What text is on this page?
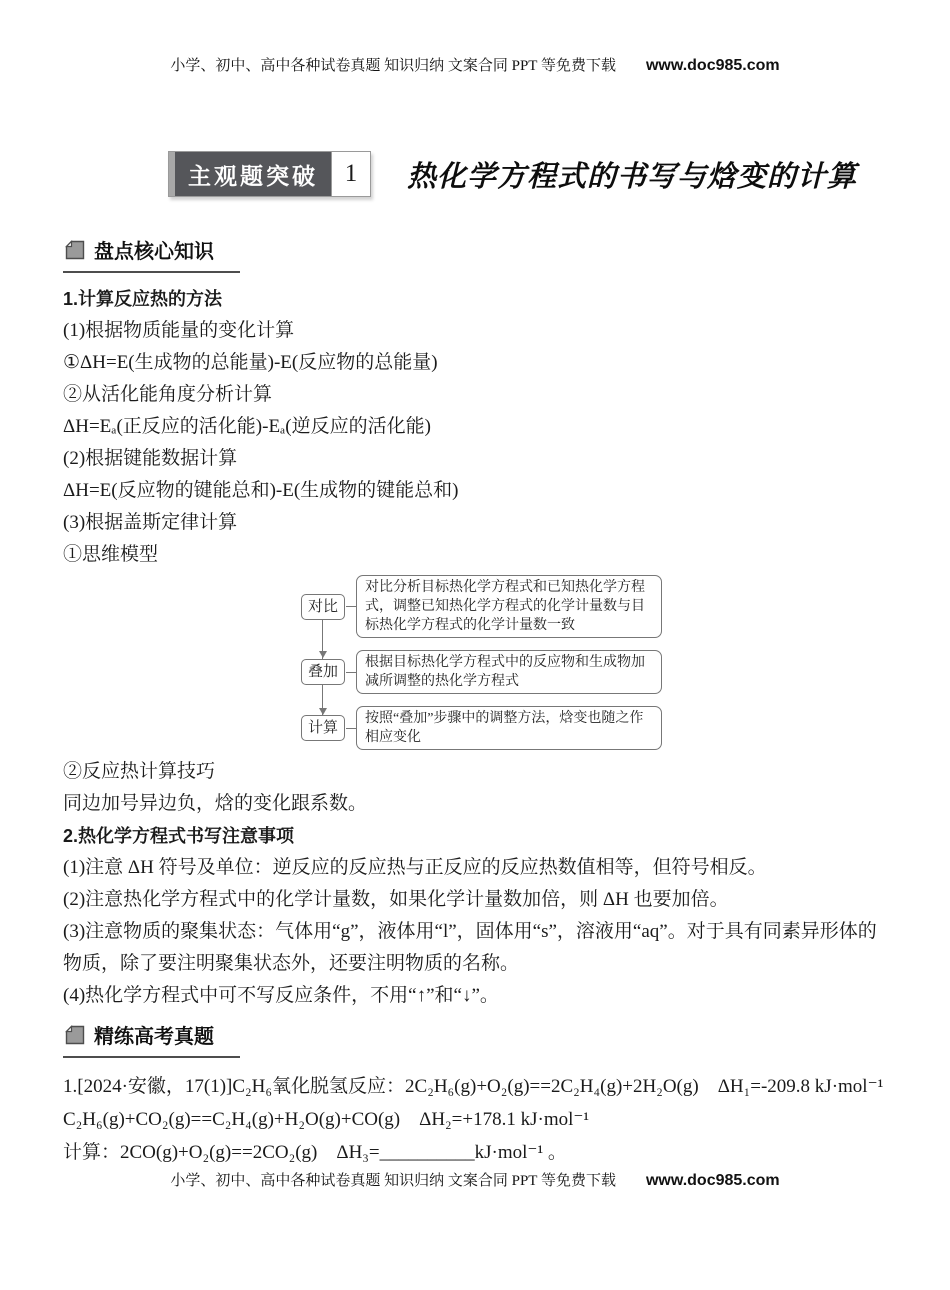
小学、初中、高中各种试卷真题 知识归纳 文案合同 PPT 等免费下载 www.doc985.com
主观题突破	1	热化学方程式的书写与焓变的计算
盘点核心知识

1.计算反应热的方法

(1)根据物质能量的变化计算

①ΔH=E(生成物的总能量)-E(反应物的总能量)

②从活化能角度分析计算

ΔH=Eₐ(正反应的活化能)-Eₐ(逆反应的活化能)

(2)根据键能数据计算

ΔH=E(反应物的键能总和)-E(生成物的键能总和)

(3)根据盖斯定律计算

①思维模型

对比
对比分析目标热化学方程式和已知热化学方程式，调整已知热化学方程式的化学计量数与目标热化学方程式的化学计量数一致
叠加
根据目标热化学方程式中的反应物和生成物加减所调整的热化学方程式
计算
按照“叠加”步骤中的调整方法，焓变也随之作相应变化

②反应热计算技巧

同边加号异边负，焓的变化跟系数。

2.热化学方程式书写注意事项

(1)注意 ΔH 符号及单位：逆反应的反应热与正反应的反应热数值相等，但符号相反。

(2)注意热化学方程式中的化学计量数，如果化学计量数加倍，则 ΔH 也要加倍。

(3)注意物质的聚集状态：气体用“g”，液体用“l”，固体用“s”，溶液用“aq”。对于具有同素异形体的物质，除了要注明聚集状态外，还要注明物质的名称。

(4)热化学方程式中可不写反应条件，不用“↑”和“↓”。

精练高考真题

1.[2024·安徽，17(1)]C₂H₆氧化脱氢反应：2C₂H₆(g)+O₂(g)==2C₂H₄(g)+2H₂O(g)　ΔH₁=-209.8 kJ·mol⁻¹

C₂H₆(g)+CO₂(g)==C₂H₄(g)+H₂O(g)+CO(g)　ΔH₂=+178.1 kJ·mol⁻¹

计算：2CO(g)+O₂(g)==2CO₂(g)　ΔH₃=__________kJ·mol⁻¹ 。

小学、初中、高中各种试卷真题 知识归纳 文案合同 PPT 等免费下载 www.doc985.com
